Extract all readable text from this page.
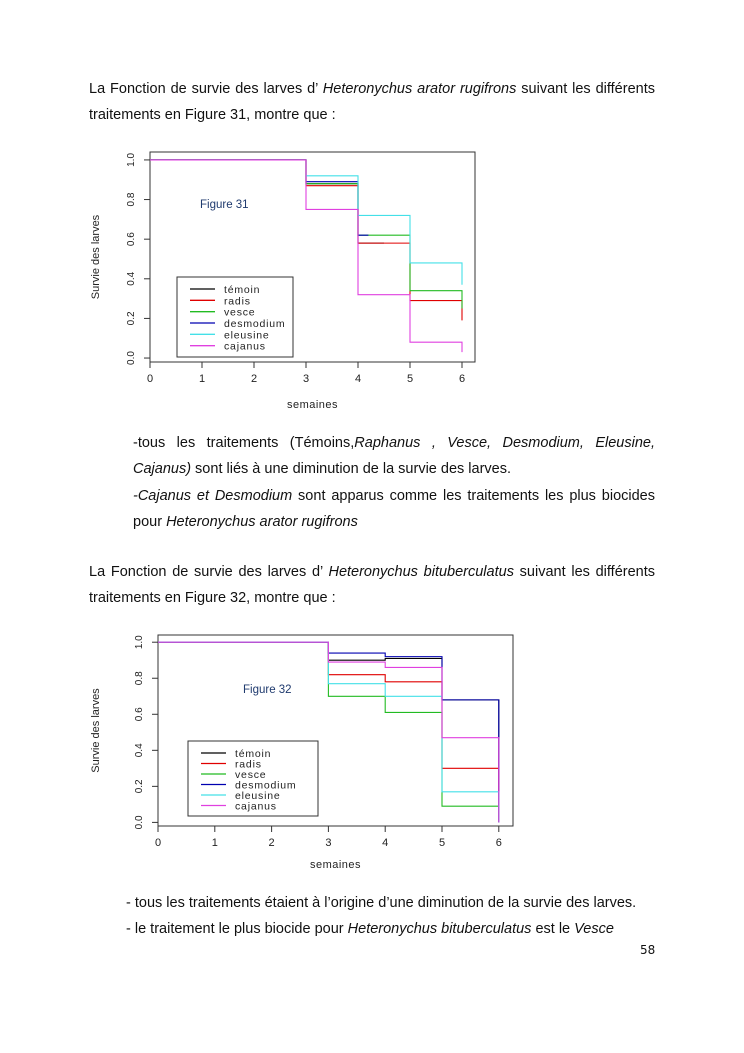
La Fonction de survie des larves d’ Heteronychus arator rugifrons suivant les différents traitements en Figure 31, montre que :
0	1	2	3	4	5	6
0.0
0.2
0.4
0.6
0.8
1.0
semaines
Survie des larves
Figure 31
témoin
radis
vesce
desmodium
eleusine
cajanus
-tous les traitements (Témoins,Raphanus , Vesce, Desmodium, Eleusine, Cajanus) sont liés à une diminution de la survie des larves.
-Cajanus et Desmodium sont apparus comme les traitements les plus biocides pour Heteronychus arator rugifrons
La Fonction de survie des larves d’ Heteronychus bituberculatus suivant les différents traitements en Figure 32, montre que :
0	1	2	3	4	5	6
0.0
0.2
0.4
0.6
0.8
1.0
semaines
Survie des larves	Figure 32
témoin
radis
vesce
desmodium
eleusine
cajanus
- tous les traitements étaient à l’origine d’une diminution de la survie des larves.
- le traitement le plus biocide pour Heteronychus bituberculatus est le Vesce
58
